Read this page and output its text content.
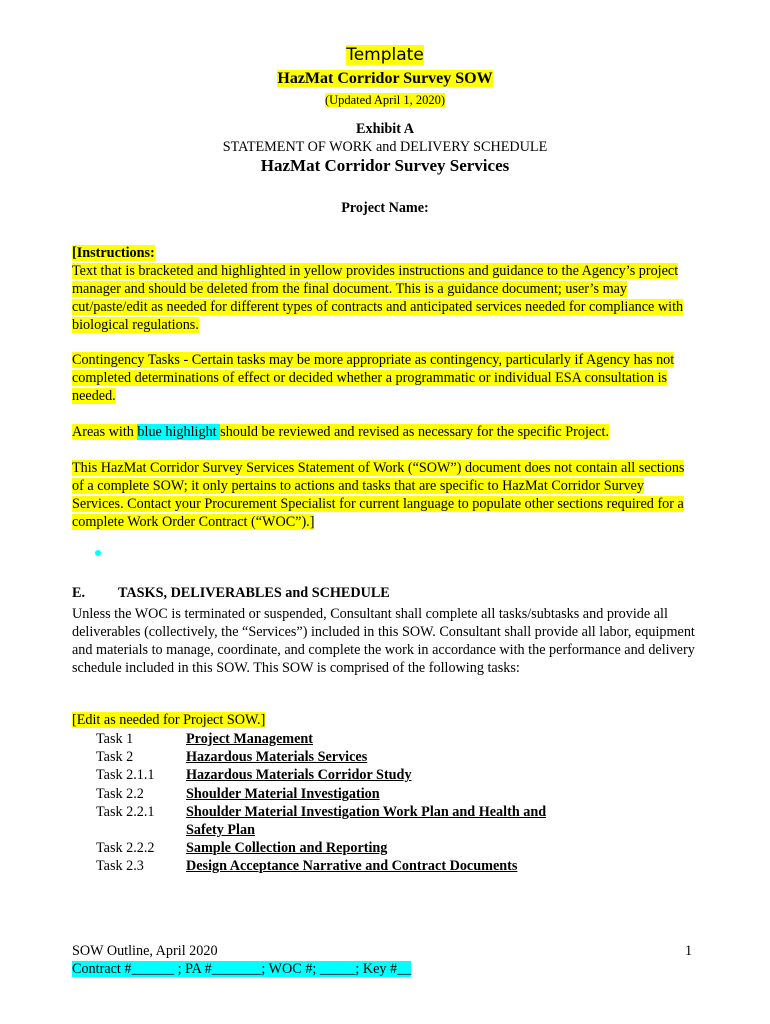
Template
HazMat Corridor Survey SOW
(Updated April 1, 2020)
Exhibit A
STATEMENT OF WORK and DELIVERY SCHEDULE
HazMat Corridor Survey Services
Project Name:
[Instructions:

Text that is bracketed and highlighted in yellow provides instructions and guidance to the Agency’s project manager and should be deleted from the final document. This is a guidance document; user’s may cut/paste/edit as needed for different types of contracts and anticipated services needed for compliance with biological regulations.

Contingency Tasks - Certain tasks may be more appropriate as contingency, particularly if Agency has not completed determinations of effect or decided whether a programmatic or individual ESA consultation is needed.

Areas with blue highlight should be reviewed and revised as necessary for the specific Project.

This HazMat Corridor Survey Services Statement of Work (“SOW”) document does not contain all sections of a complete SOW; it only pertains to actions and tasks that are specific to HazMat Corridor Survey Services. Contact your Procurement Specialist for current language to populate other sections required for a complete Work Order Contract (“WOC”).]

E. TASKS, DELIVERABLES and SCHEDULE

Unless the WOC is terminated or suspended, Consultant shall complete all tasks/subtasks and provide all deliverables (collectively, the “Services”) included in this SOW. Consultant shall provide all labor, equipment and materials to manage, coordinate, and complete the work in accordance with the performance and delivery schedule included in this SOW. This SOW is comprised of the following tasks:

[Edit as needed for Project SOW.]
Task 1	Project Management
Task 2	Hazardous Materials Services
Task 2.1.1	Hazardous Materials Corridor Study
Task 2.2	Shoulder Material Investigation
Task 2.2.1	Shoulder Material Investigation Work Plan and Health and Safety Plan
Task 2.2.2	Sample Collection and Reporting
Task 2.3	Design Acceptance Narrative and Contract Documents
SOW Outline, April 2020
Contract #______ ; PA #_______; WOC #; _____; Key #__
1
